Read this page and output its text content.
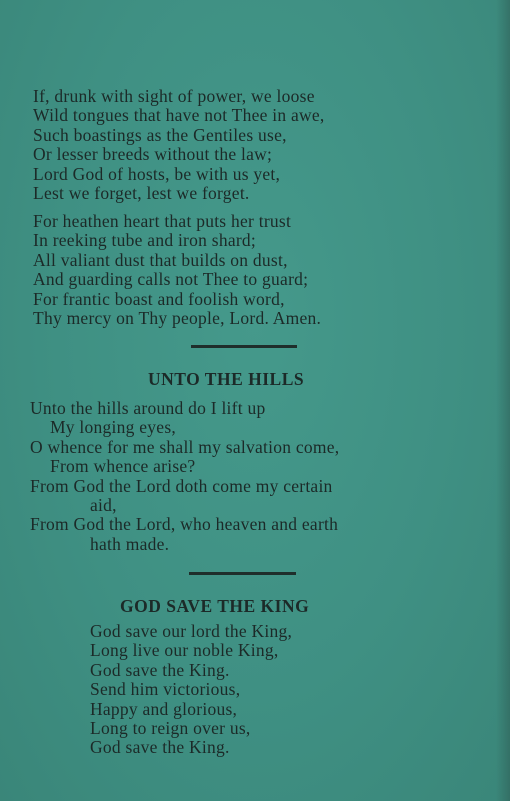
If, drunk with sight of power, we loose
Wild tongues that have not Thee in awe,
Such boastings as the Gentiles use,
Or lesser breeds without the law;
Lord God of hosts, be with us yet,
Lest we forget, lest we forget.
For heathen heart that puts her trust
In reeking tube and iron shard;
All valiant dust that builds on dust,
And guarding calls not Thee to guard;
For frantic boast and foolish word,
Thy mercy on Thy people, Lord. Amen.
UNTO THE HILLS
Unto the hills around do I lift up
My longing eyes,
O whence for me shall my salvation come,
From whence arise?
From God the Lord doth come my certain
aid,
From God the Lord, who heaven and earth
hath made.
GOD SAVE THE KING
God save our lord the King,
Long live our noble King,
God save the King.
Send him victorious,
Happy and glorious,
Long to reign over us,
God save the King.
